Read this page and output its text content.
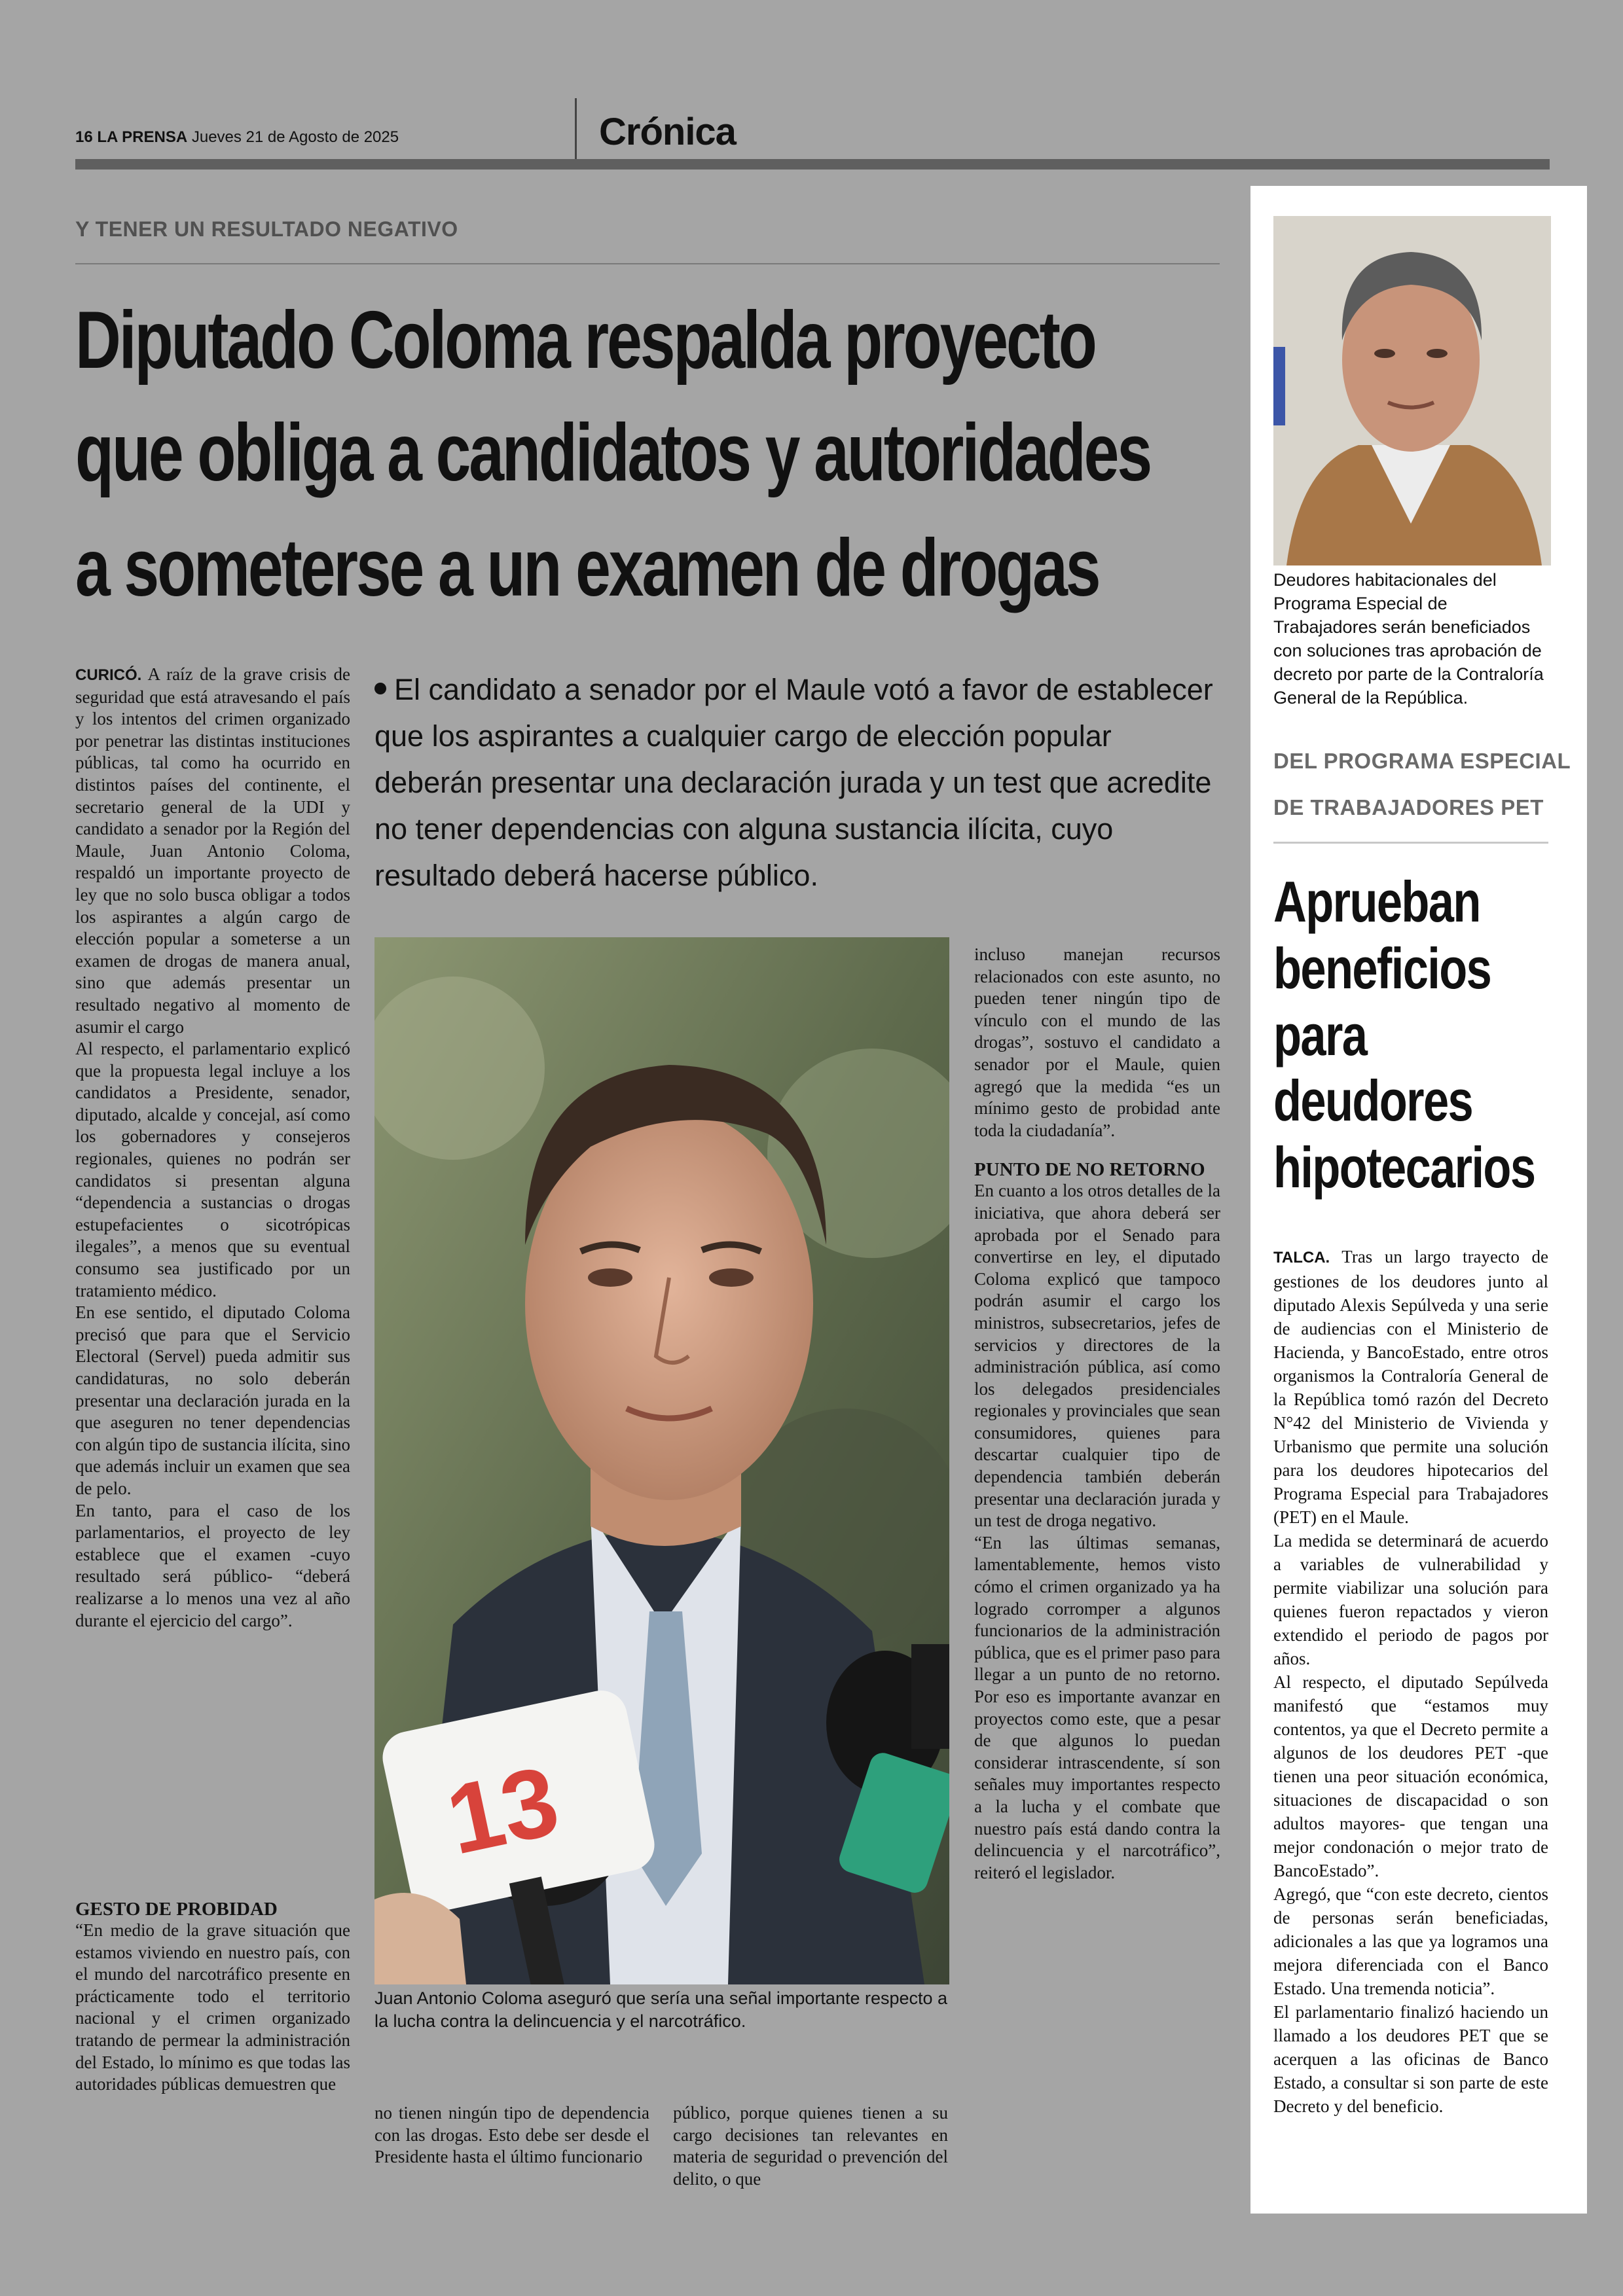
16 LA PRENSA Jueves 21 de Agosto de 2025	Crónica
Y TENER UN RESULTADO NEGATIVO
Diputado Coloma respalda proyecto
que obliga a candidatos y autoridades
a someterse a un examen de drogas
El candidato a senador por el Maule votó a favor de establecer que los aspirantes a cualquier cargo de elección popular deberán presentar una declaración jurada y un test que acredite no tener dependencias con alguna sustancia ilícita, cuyo resultado deberá hacerse público.

CURICÓ. A raíz de la grave crisis de seguridad que está atravesando el país y los intentos del crimen organizado por penetrar las distintas instituciones públicas, tal como ha ocurrido en distintos países del continente, el secretario general de la UDI y candidato a senador por la Región del Maule, Juan Antonio Coloma, respaldó un importante proyecto de ley que no solo busca obligar a todos los aspirantes a algún cargo de elección popular a someterse a un examen de drogas de manera anual, sino que además presentar un resultado negativo al momento de asumir el cargo

Al respecto, el parlamentario explicó que la propuesta legal incluye a los candidatos a Presidente, senador, diputado, alcalde y concejal, así como los gobernadores y consejeros regionales, quienes no podrán ser candidatos si presentan alguna “dependencia a sustancias o drogas estupefacientes o sicotrópicas ilegales”, a menos que su eventual consumo sea justificado por un tratamiento médico.

En ese sentido, el diputado Coloma precisó que para que el Servicio Electoral (Servel) pueda admitir sus candidaturas, no solo deberán presentar una declaración jurada en la que aseguren no tener dependencias con algún tipo de sustancia ilícita, sino que además incluir un examen que sea de pelo.

En tanto, para el caso de los parlamentarios, el proyecto de ley establece que el examen -cuyo resultado será público- “deberá realizarse a lo menos una vez al año durante el ejercicio del cargo”.

GESTO DE PROBIDAD

“En medio de la grave situación que estamos viviendo en nuestro país, con el mundo del narcotráfico presente en prácticamente todo el territorio nacional y el crimen organizado tratando de permear la administración del Estado, lo mínimo es que todas las autoridades públicas demuestren que

13
Juan Antonio Coloma aseguró que sería una señal importante respecto a la lucha contra la delincuencia y el narcotráfico.

no tienen ningún tipo de dependencia con las drogas. Esto debe ser desde el Presidente hasta el último funcionario

público, porque quienes tienen a su cargo decisiones tan relevantes en materia de seguridad o prevención del delito, o que

incluso manejan recursos relacionados con este asunto, no pueden tener ningún tipo de vínculo con el mundo de las drogas”, sostuvo el candidato a senador por el Maule, quien agregó que la medida “es un mínimo gesto de probidad ante toda la ciudadanía”.

PUNTO DE NO RETORNO

En cuanto a los otros detalles de la iniciativa, que ahora deberá ser aprobada por el Senado para convertirse en ley, el diputado Coloma explicó que tampoco podrán asumir el cargo los ministros, subsecretarios, jefes de servicios y directores de la administración pública, así como los delegados presidenciales regionales y provinciales que sean consumidores, quienes para descartar cualquier tipo de dependencia también deberán presentar una declaración jurada y un test de droga negativo.

“En las últimas semanas, lamentablemente, hemos visto cómo el crimen organizado ya ha logrado corromper a algunos funcionarios de la administración pública, que es el primer paso para llegar a un punto de no retorno. Por eso es importante avanzar en proyectos como este, que a pesar de que algunos lo puedan considerar intrascendente, sí son señales muy importantes respecto a la lucha y el combate que nuestro país está dando contra la delincuencia y el narcotráfico”, reiteró el legislador.

Deudores habitacionales del Programa Especial de Trabajadores serán beneficiados con soluciones tras aprobación de decreto por parte de la Contraloría General de la República.
DEL PROGRAMA ESPECIAL
DE TRABAJADORES PET
Aprueban
beneficios
para
deudores
hipotecarios

TALCA. Tras un largo trayecto de gestiones de los deudores junto al diputado Alexis Sepúlveda y una serie de audiencias con el Ministerio de Hacienda, y BancoEstado, entre otros organismos la Contraloría General de la República tomó razón del Decreto N°42 del Ministerio de Vivienda y Urbanismo que permite una solución para los deudores hipotecarios del Programa Especial para Trabajadores (PET) en el Maule.

La medida se determinará de acuerdo a variables de vulnerabilidad y permite viabilizar una solución para quienes fueron repactados y vieron extendido el periodo de pagos por años.

Al respecto, el diputado Sepúlveda manifestó que “estamos muy contentos, ya que el Decreto permite a algunos de los deudores PET -que tienen una peor situación económica, situaciones de discapacidad o son adultos mayores- que tengan una mejor condonación o mejor trato de BancoEstado”.

Agregó, que “con este decreto, cientos de personas serán beneficiadas, adicionales a las que ya logramos una mejora diferenciada con el Banco Estado. Una tremenda noticia”.

El parlamentario finalizó haciendo un llamado a los deudores PET que se acerquen a las oficinas de Banco Estado, a consultar si son parte de este Decreto y del beneficio.
